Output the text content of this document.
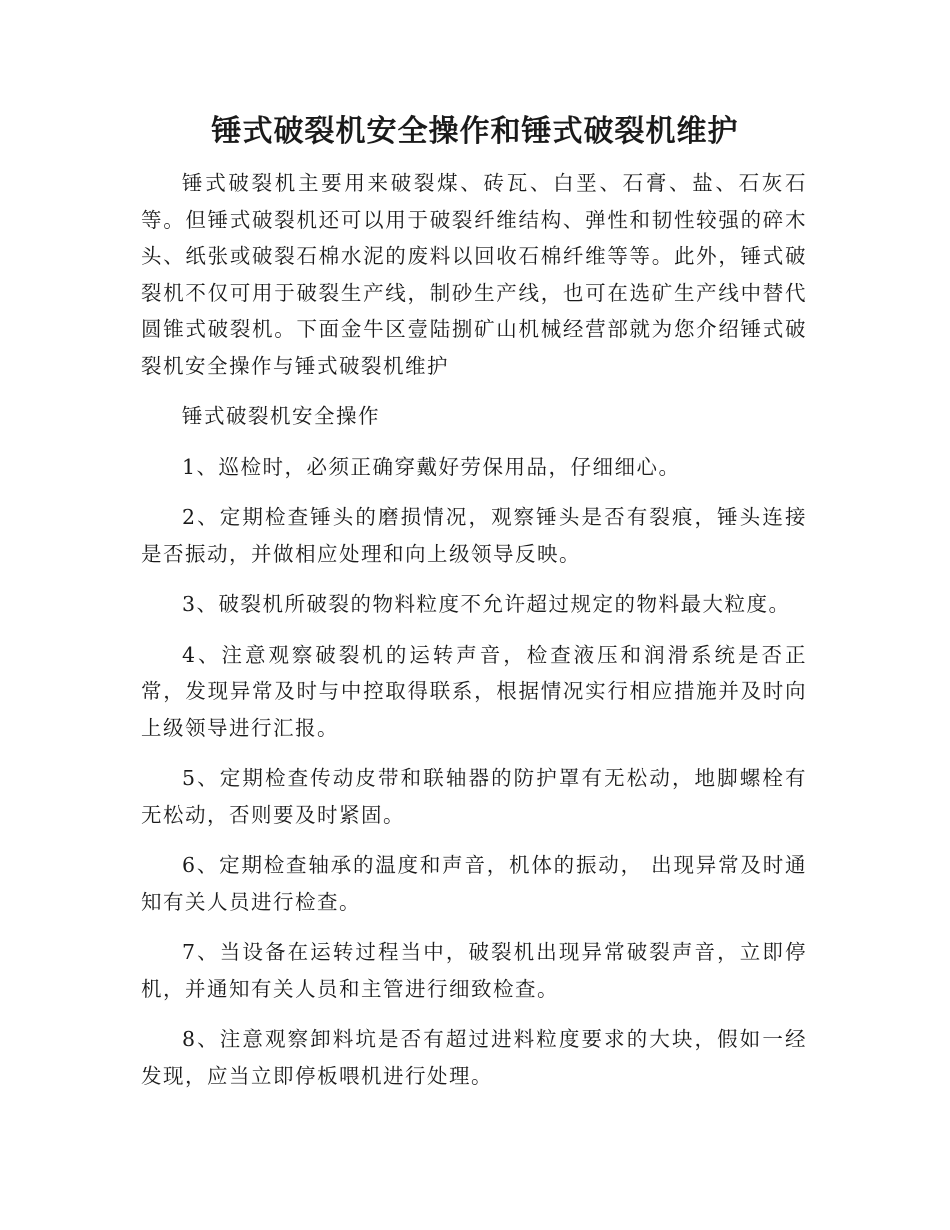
锤式破裂机安全操作和锤式破裂机维护

锤式破裂机主要用来破裂煤、砖瓦、白垩、石膏、盐、石灰石等。但锤式破裂机还可以用于破裂纤维结构、弹性和韧性较强的碎木头、纸张或破裂石棉水泥的废料以回收石棉纤维等等。此外，锤式破裂机不仅可用于破裂生产线，制砂生产线，也可在选矿生产线中替代圆锥式破裂机。下面金牛区壹陆捌矿山机械经营部就为您介绍锤式破裂机安全操作与锤式破裂机维护

锤式破裂机安全操作

1、巡检时，必须正确穿戴好劳保用品，仔细细心。

2、定期检查锤头的磨损情况，观察锤头是否有裂痕，锤头连接是否振动，并做相应处理和向上级领导反映。

3、破裂机所破裂的物料粒度不允许超过规定的物料最大粒度。

4、注意观察破裂机的运转声音，检查液压和润滑系统是否正常，发现异常及时与中控取得联系，根据情况实行相应措施并及时向上级领导进行汇报。

5、定期检查传动皮带和联轴器的防护罩有无松动，地脚螺栓有无松动，否则要及时紧固。

6、定期检查轴承的温度和声音，机体的振动， 出现异常及时通知有关人员进行检查。

7、当设备在运转过程当中，破裂机出现异常破裂声音，立即停机，并通知有关人员和主管进行细致检查。

8、注意观察卸料坑是否有超过进料粒度要求的大块，假如一经发现，应当立即停板喂机进行处理。
